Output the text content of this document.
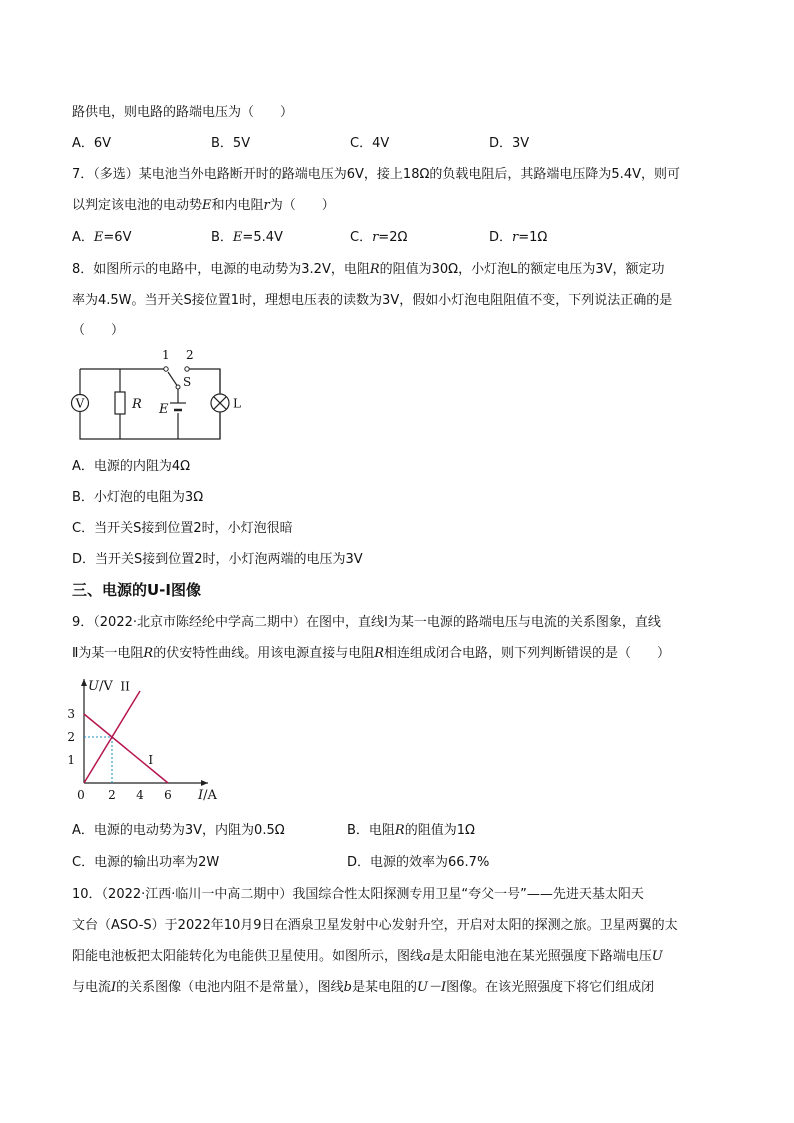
路供电，则电路的路端电压为（　　）
A．6V	B．5V	C．4V	D．3V
7．（多选）某电池当外电路断开时的路端电压为6V，接上18Ω的负载电阻后，其路端电压降为5.4V，则可
以判定该电池的电动势E和内电阻r为（　　）
A．E=6V	B．E=5.4V	C．r=2Ω	D．r=1Ω
8．如图所示的电路中，电源的电动势为3.2V，电阻R的阻值为30Ω，小灯泡L的额定电压为3V，额定功
率为4.5W。当开关S接位置1时，理想电压表的读数为3V，假如小灯泡电阻阻值不变，下列说法正确的是
（　　）
V	R E
1 2
S
L
A．电源的内阻为4Ω
B．小灯泡的电阻为3Ω
C．当开关S接到位置2时，小灯泡很暗
D．当开关S接到位置2时，小灯泡两端的电压为3V
三、电源的U-I图像
9．（2022·北京市陈经纶中学高二期中）在图中，直线Ⅰ为某一电源的路端电压与电流的关系图象，直线
Ⅱ为某一电阻R的伏安特性曲线。用该电源直接与电阻R相连组成闭合电路，则下列判断错误的是（　　）
U/V
I/A
0 2 4 6
1
2
3
II
I
A．电源的电动势为3V，内阻为0.5Ω	B．电阻R的阻值为1Ω
C．电源的输出功率为2W	D．电源的效率为66.7%
10．（2022·江西·临川一中高二期中）我国综合性太阳探测专用卫星“夸父一号”——先进天基太阳天
文台（ASO-S）于2022年10月9日在酒泉卫星发射中心发射升空，开启对太阳的探测之旅。卫星两翼的太
阳能电池板把太阳能转化为电能供卫星使用。如图所示，图线a是太阳能电池在某光照强度下路端电压U
与电流I的关系图像（电池内阻不是常量），图线b是某电阻的U－I图像。在该光照强度下将它们组成闭
